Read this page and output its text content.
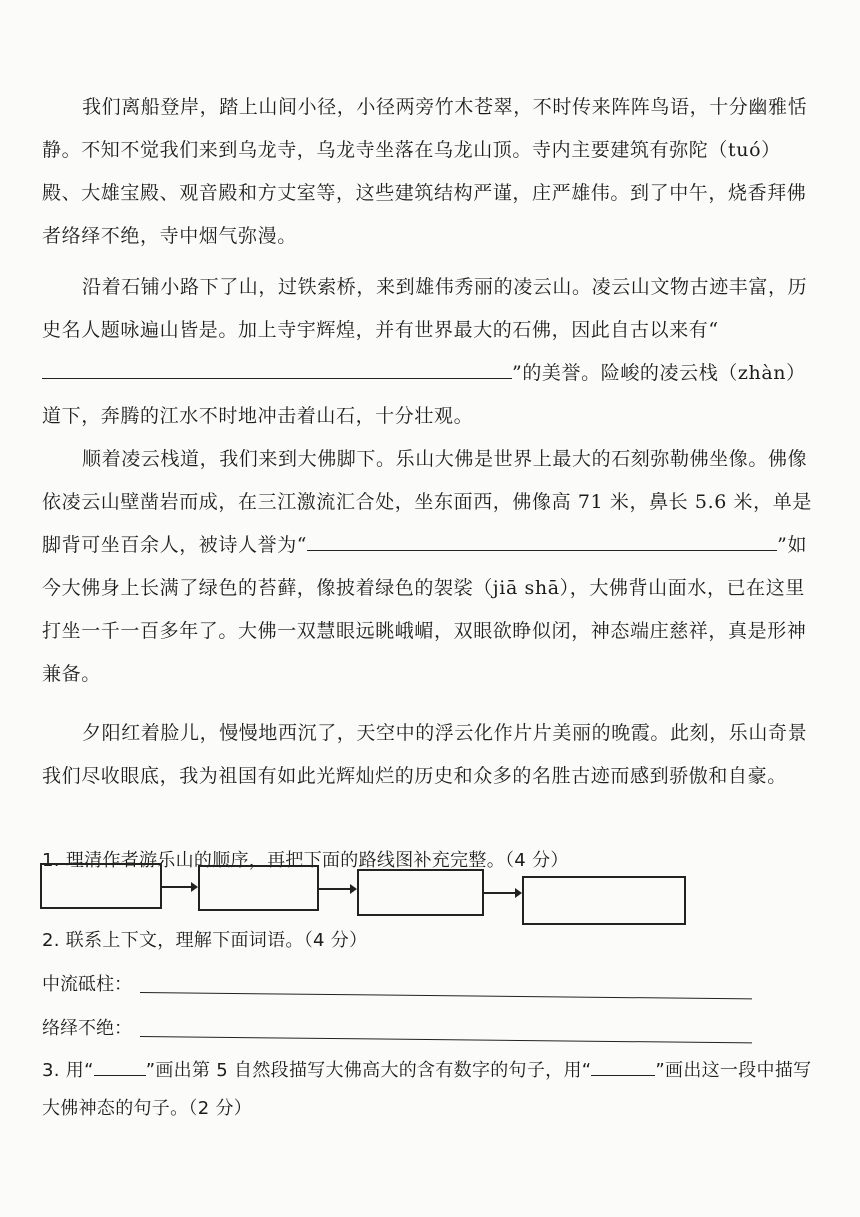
我们离船登岸，踏上山间小径，小径两旁竹木苍翠，不时传来阵阵鸟语，十分幽雅恬静。不知不觉我们来到乌龙寺，乌龙寺坐落在乌龙山顶。寺内主要建筑有弥陀（tuó）殿、大雄宝殿、观音殿和方丈室等，这些建筑结构严谨，庄严雄伟。到了中午，烧香拜佛者络绎不绝，寺中烟气弥漫。

沿着石铺小路下了山，过铁索桥，来到雄伟秀丽的凌云山。凌云山文物古迹丰富，历史名人题咏遍山皆是。加上寺宇辉煌，并有世界最大的石佛，因此自古以来有“”的美誉。险峻的凌云栈（zhàn）道下，奔腾的江水不时地冲击着山石，十分壮观。

顺着凌云栈道，我们来到大佛脚下。乐山大佛是世界上最大的石刻弥勒佛坐像。佛像依凌云山壁凿岩而成，在三江激流汇合处，坐东面西，佛像高 71 米，鼻长 5.6 米，单是脚背可坐百余人，被诗人誉为“	”如今大佛身上长满了绿色的苔藓，像披着绿色的袈裟（jiā shā），大佛背山面水，已在这里打坐一千一百多年了。大佛一双慧眼远眺峨嵋，双眼欲睁似闭，神态端庄慈祥，真是形神兼备。

夕阳红着脸儿，慢慢地西沉了，天空中的浮云化作片片美丽的晚霞。此刻，乐山奇景我们尽收眼底，我为祖国有如此光辉灿烂的历史和众多的名胜古迹而感到骄傲和自豪。

1. 理清作者游乐山的顺序，再把下面的路线图补充完整。（4 分）

2. 联系上下文，理解下面词语。（4 分）

中流砥柱：
络绎不绝：

3. 用“	”画出第 5 自然段描写大佛高大的含有数字的句子，用“	”画出这一段中描写大佛神态的句子。（2 分）
